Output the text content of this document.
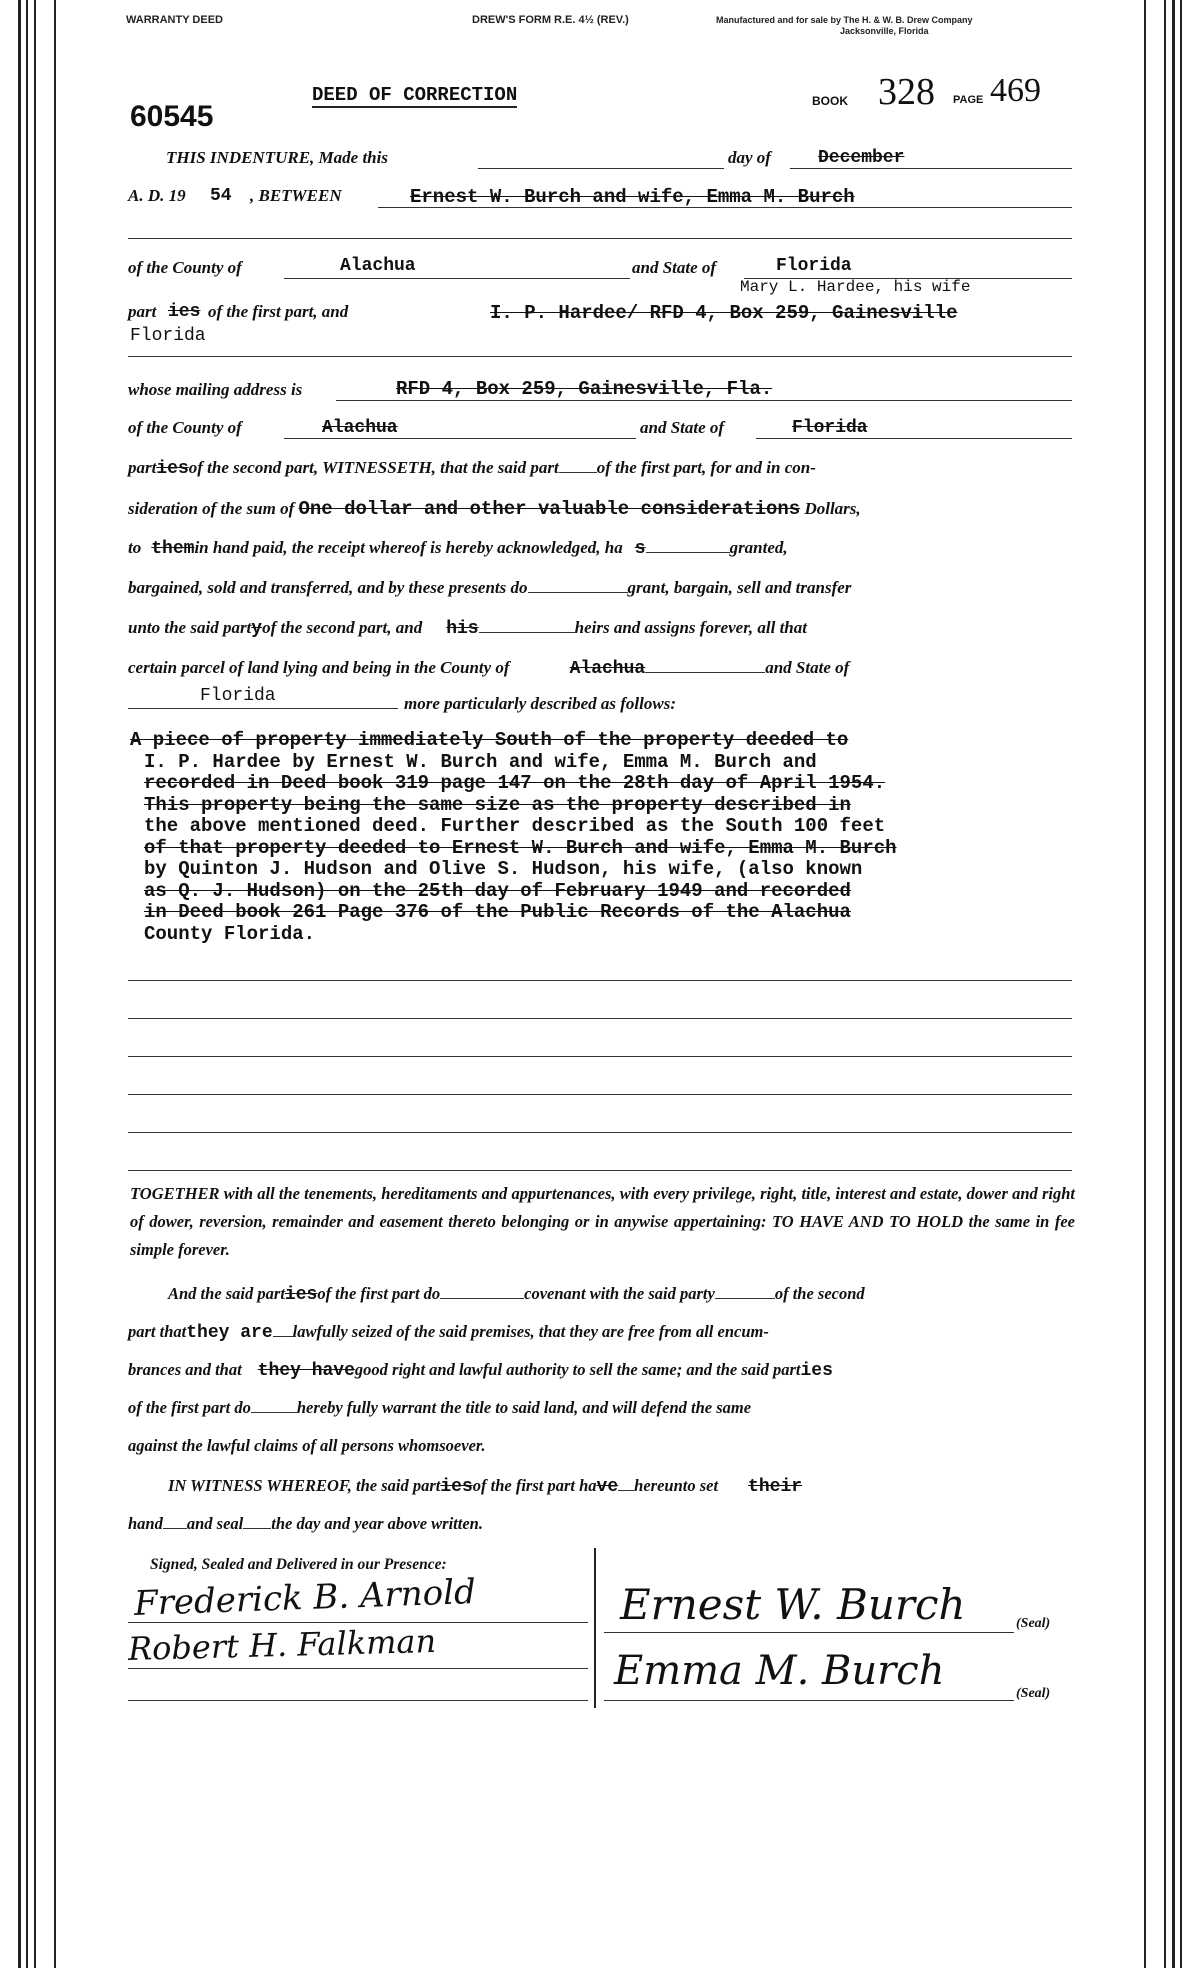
WARRANTY DEED	DREW'S FORM R.E. 4½ (REV.)	Manufactured and for sale by The H. & W. B. Drew Company
Jacksonville, Florida
60545
DEED OF CORRECTION	BOOK 328 PAGE 469
THIS INDENTURE, Made this	day of	December
A. D. 19 54 , BETWEEN	Ernest W. Burch and wife, Emma M. Burch
of the County of	Alachua	and State of	Florida
Mary L. Hardee, his wife
part ies of the first part, and	I. P. Hardee/ RFD 4, Box 259, Gainesville
Florida
whose mailing address is	RFD 4, Box 259, Gainesville, Fla.
of the County of	Alachua	and State of	Florida
partiesof the second part, WITNESSETH, that the said part of the first part, for and in con-
sideration of the sum of One dollar and other valuable considerations Dollars,
to themin hand paid, the receipt whereof is hereby acknowledged, ha s	granted,
bargained, sold and transferred, and by these presents do	grant, bargain, sell and transfer
unto the said partyof the second part, and his	heirs and assigns forever, all that
certain parcel of land lying and being in the County of	Alachua	and State of
Florida	more particularly described as follows:
A piece of property immediately South of the property deeded to
I. P. Hardee by Ernest W. Burch and wife, Emma M. Burch and
recorded in Deed book 319 page 147 on the 28th day of April 1954.
This property being the same size as the property described in
the above mentioned deed. Further described as the South 100 feet
of that property deeded to Ernest W. Burch and wife, Emma M. Burch
by Quinton J. Hudson and Olive S. Hudson, his wife, (also known
as Q. J. Hudson) on the 25th day of February 1949 and recorded
in Deed book 261 Page 376 of the Public Records of the Alachua
County Florida.
TOGETHER with all the tenements, hereditaments and appurtenances, with every privilege, right, title, interest and estate, dower and right of dower, reversion, remainder and easement thereto belonging or in anywise appertaining: TO HAVE AND TO HOLD the same in fee simple forever.
And the said partiesof the first part do	covenant with the said party	of the second
part thatthey are lawfully seized of the said premises, that they are free from all encum-
brances and that they havegood right and lawful authority to sell the same; and the said parties
of the first part do	hereby fully warrant the title to said land, and will defend the same
against the lawful claims of all persons whomsoever.
IN WITNESS WHEREOF, the said partiesof the first part have hereunto set their
hand and seal the day and year above written.
Signed, Sealed and Delivered in our Presence:
Frederick B. Arnold
Robert H. Falkman
Ernest W. Burch	(Seal)
Emma M. Burch	(Seal)
